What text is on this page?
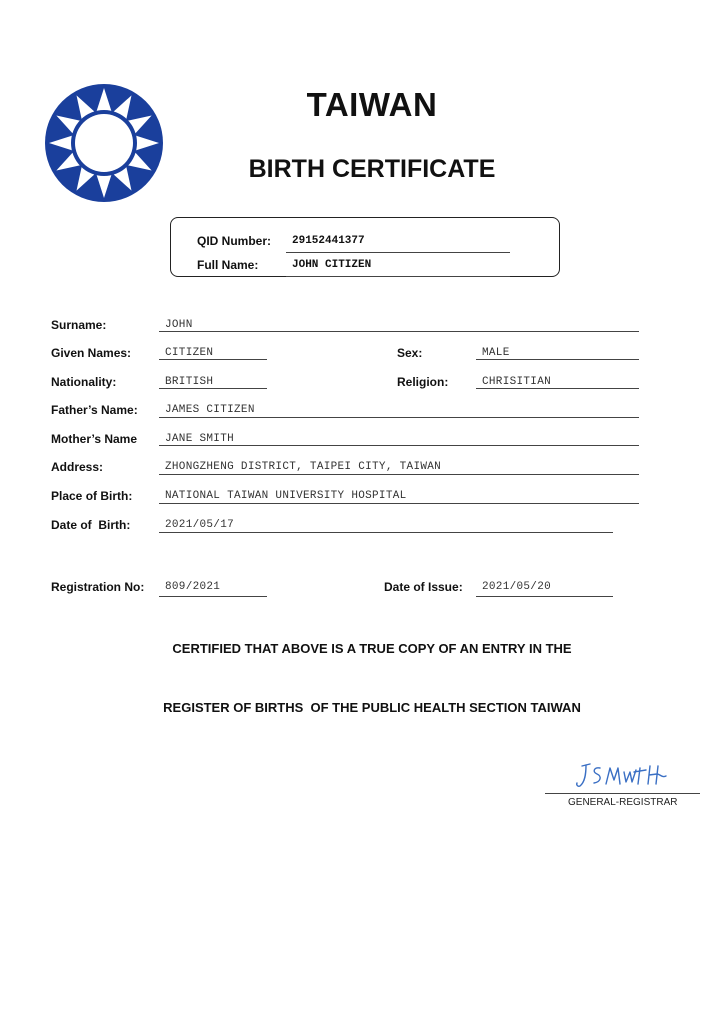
TAIWAN
BIRTH CERTIFICATE
QID Number: 29152441377
Full Name:	JOHN CITIZEN
Surname:	JOHN
Given Names:	CITIZEN	Sex:	MALE
Nationality:	BRITISH	Religion:	CHRISITIAN
Father’s Name: JAMES CITIZEN
Mother’s Name	JANE SMITH
Address:	ZHONGZHENG DISTRICT, TAIPEI CITY, TAIWAN
Place of Birth:	NATIONAL TAIWAN UNIVERSITY HOSPITAL
Date of  Birth:	2021/05/17
Registration No: 809/2021	Date of Issue: 2021/05/20
CERTIFIED THAT ABOVE IS A TRUE COPY OF AN ENTRY IN THE
REGISTER OF BIRTHS  OF THE PUBLIC HEALTH SECTION TAIWAN
GENERAL-REGISTRAR
